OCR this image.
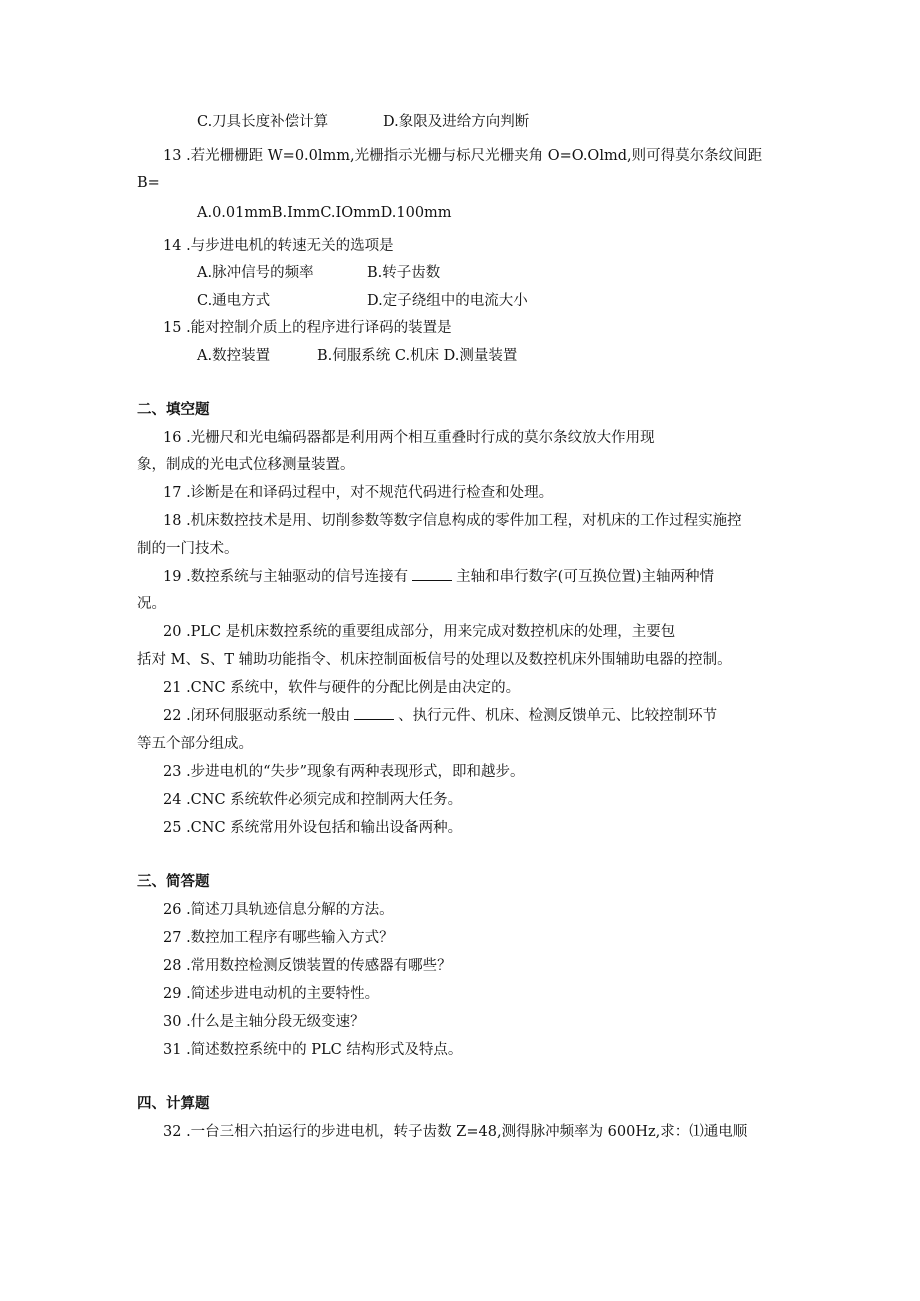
C.刀具长度补偿计算	D.象限及进给方向判断
13 .若光栅栅距 W=0.0lmm,光栅指示光栅与标尺光栅夹角 O=O.Olmd,则可得莫尔条纹间距
B=
A.0.01mmB.ImmC.IOmmD.100mm
14 .与步进电机的转速无关的选项是
A.脉冲信号的频率	B.转子齿数
C.通电方式	D.定子绕组中的电流大小
15 .能对控制介质上的程序进行译码的装置是
A.数控装置	B.伺服系统 C.机床 D.测量装置
二、填空题
16 .光栅尺和光电编码器都是利用两个相互重叠时行成的莫尔条纹放大作用现
象，制成的光电式位移测量装置。
17 .诊断是在和译码过程中，对不规范代码进行检查和处理。
18 .机床数控技术是用、切削参数等数字信息构成的零件加工程，对机床的工作过程实施控
制的一门技术。
19 .数控系统与主轴驱动的信号连接有	主轴和串行数字(可互换位置)主轴两种情
况。
20 .PLC 是机床数控系统的重要组成部分，用来完成对数控机床的处理，主要包
括对 M、S、T 辅助功能指令、机床控制面板信号的处理以及数控机床外围辅助电器的控制。
21 .CNC 系统中，软件与硬件的分配比例是由决定的。
22 .闭环伺服驱动系统一般由	、执行元件、机床、检测反馈单元、比较控制环节
等五个部分组成。
23 .步进电机的“失步”现象有两种表现形式，即和越步。
24 .CNC 系统软件必须完成和控制两大任务。
25 .CNC 系统常用外设包括和输出设备两种。
三、简答题
26 .简述刀具轨迹信息分解的方法。
27 .数控加工程序有哪些输入方式？
28 .常用数控检测反馈装置的传感器有哪些？
29 .简述步进电动机的主要特性。
30 .什么是主轴分段无级变速？
31 .简述数控系统中的 PLC 结构形式及特点。
四、计算题
32 .一台三相六拍运行的步进电机，转子齿数 Z=48,测得脉冲频率为 600Hz,求：⑴通电顺
